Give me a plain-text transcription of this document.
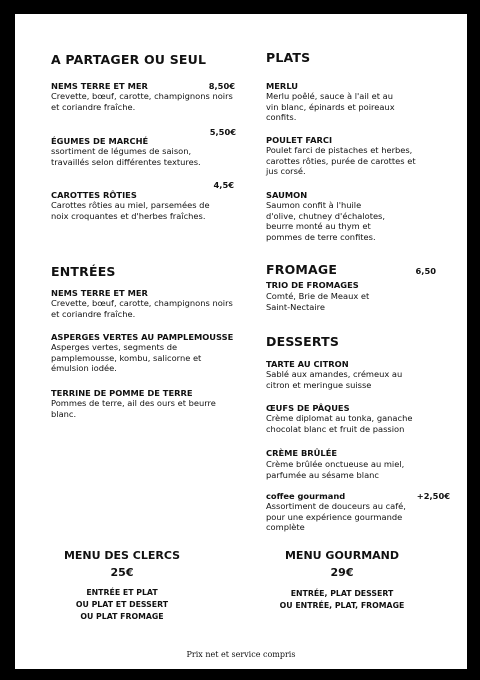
A PARTAGER OU SEUL
NEMS TERRE ET MER	8,50€
Crevette, bœuf, carotte, champignons noirs et coriandre fraîche.
5,50€
ÉGUMES DE MARCHÉ
ssortiment de légumes de saison, travaillés selon différentes textures.
4,5€
CAROTTES RÔTIES
Carottes rôties au miel, parsemées de noix croquantes et d'herbes fraîches.
ENTRÉES
NEMS TERRE ET MER
Crevette, bœuf, carotte, champignons noirs et coriandre fraîche.
ASPERGES VERTES AU PAMPLEMOUSSE
Asperges vertes, segments de pamplemousse, kombu, salicorne et émulsion iodée.
TERRINE DE POMME DE TERRE
Pommes de terre, ail des ours et beurre blanc.
PLATS
MERLU
Merlu poêlé, sauce à l'ail et au vin blanc, épinards et poireaux confits.
POULET FARCI
Poulet farci de pistaches et herbes, carottes rôties, purée de carottes et jus corsé.
SAUMON
Saumon confit à l'huile d'olive, chutney d'échalotes, beurre monté au thym et pommes de terre confites.
FROMAGE	6,50
TRIO DE FROMAGES
Comté, Brie de Meaux et Saint-Nectaire
DESSERTS
TARTE AU CITRON
Sablé aux amandes, crémeux au citron et meringue suisse
ŒUFS DE PÂQUES
Crème diplomat au tonka, ganache chocolat blanc et fruit de passion
CRÈME BRÛLÉE
Crème brûlée onctueuse au miel, parfumée au sésame blanc
coffee gourmand	+2,50€
Assortiment de douceurs au café, pour une expérience gourmande complète
MENU DES CLERCS
25€
ENTRÉE ET PLAT
OU PLAT ET DESSERT
OU PLAT FROMAGE
MENU GOURMAND
29€
ENTRÉE, PLAT DESSERT
OU ENTRÉE, PLAT, FROMAGE
Prix net et service compris
